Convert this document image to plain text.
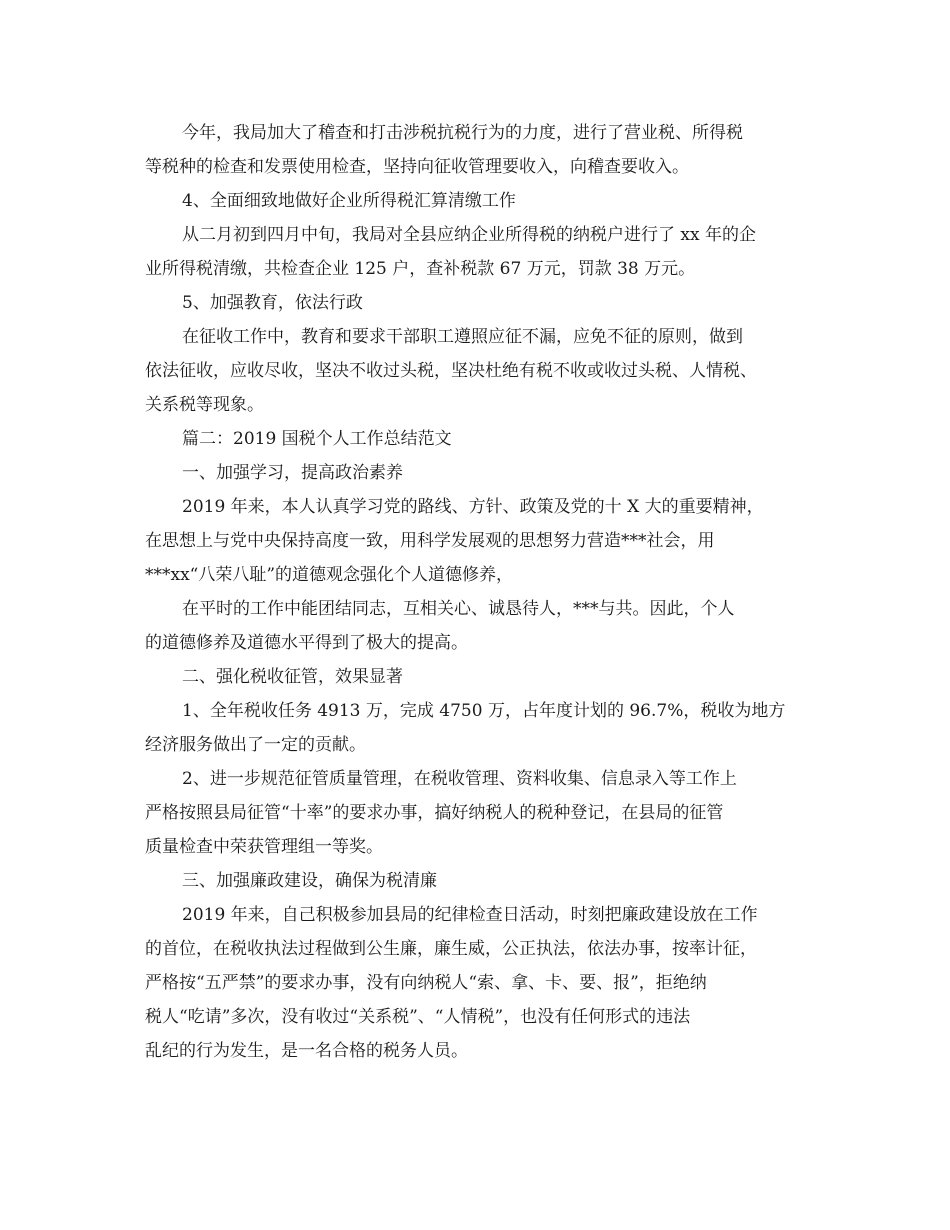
今年，我局加大了稽查和打击涉税抗税行为的力度，进行了营业税、所得税

等税种的检查和发票使用检查，坚持向征收管理要收入，向稽查要收入。

4、全面细致地做好企业所得税汇算清缴工作

从二月初到四月中旬，我局对全县应纳企业所得税的纳税户进行了 xx 年的企

业所得税清缴，共检查企业 125 户，查补税款 67 万元，罚款 38 万元。

5、加强教育，依法行政

在征收工作中，教育和要求干部职工遵照应征不漏，应免不征的原则，做到

依法征收，应收尽收，坚决不收过头税，坚决杜绝有税不收或收过头税、人情税、

关系税等现象。

篇二：2019 国税个人工作总结范文

一、加强学习，提高政治素养

2019 年来，本人认真学习党的路线、方针、政策及党的十 X 大的重要精神，

在思想上与党中央保持高度一致，用科学发展观的思想努力营造***社会，用

***xx“八荣八耻”的道德观念强化个人道德修养，

在平时的工作中能团结同志，互相关心、诚恳待人，***与共。因此，个人

的道德修养及道德水平得到了极大的提高。

二、强化税收征管，效果显著

1、全年税收任务 4913 万，完成 4750 万，占年度计划的 96.7%，税收为地方

经济服务做出了一定的贡献。

2、进一步规范征管质量管理，在税收管理、资料收集、信息录入等工作上

严格按照县局征管“十率”的要求办事，搞好纳税人的税种登记，在县局的征管

质量检查中荣获管理组一等奖。

三、加强廉政建设，确保为税清廉

2019 年来，自己积极参加县局的纪律检查日活动，时刻把廉政建设放在工作

的首位，在税收执法过程做到公生廉，廉生威，公正执法，依法办事，按率计征，

严格按“五严禁”的要求办事，没有向纳税人“索、拿、卡、要、报”，拒绝纳

税人“吃请”多次，没有收过“关系税”、“人情税”，也没有任何形式的违法

乱纪的行为发生，是一名合格的税务人员。
